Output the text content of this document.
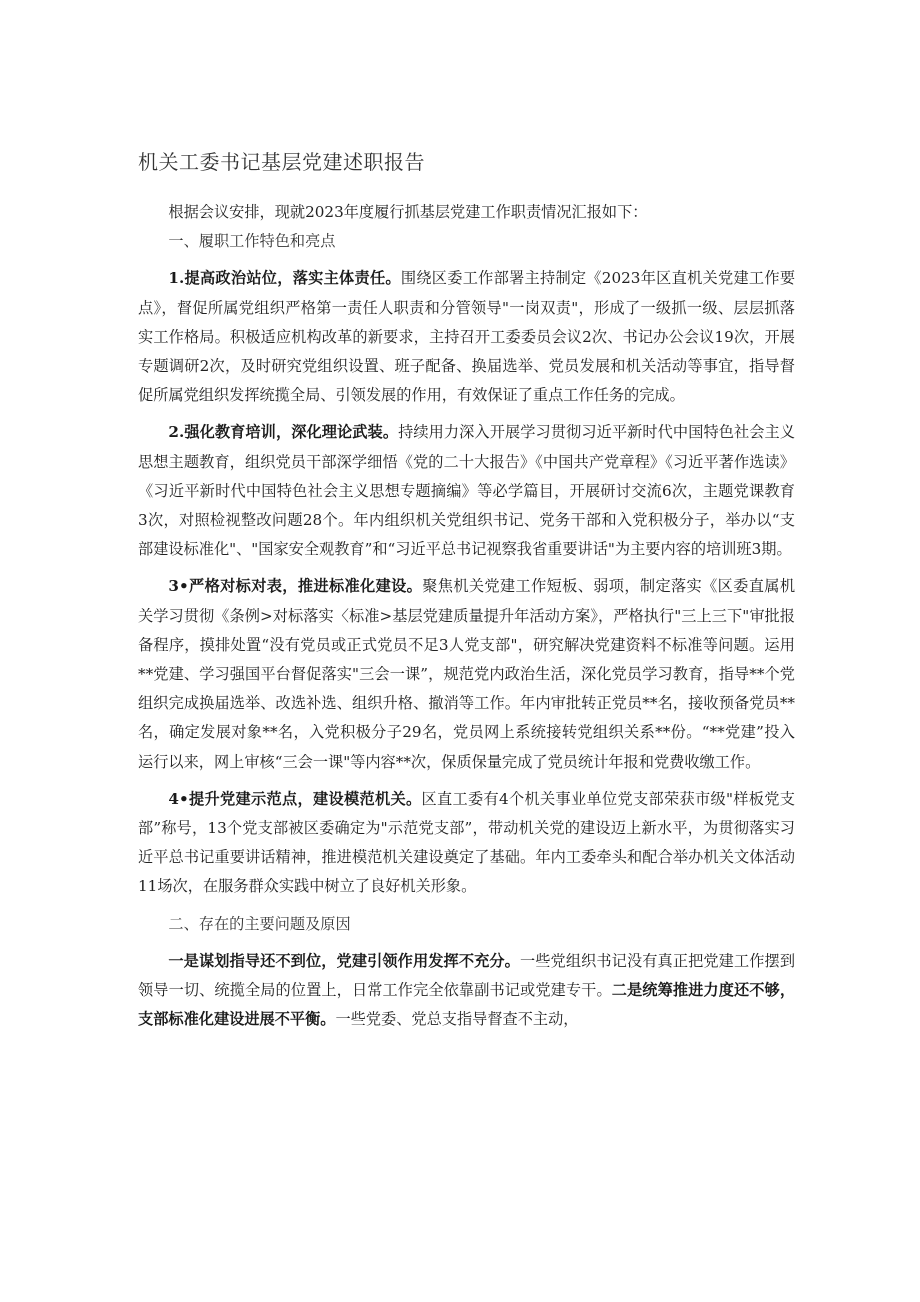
机关工委书记基层党建述职报告

根据会议安排，现就2023年度履行抓基层党建工作职责情况汇报如下：

一、履职工作特色和亮点

1.提高政治站位，落实主体责任。围绕区委工作部署主持制定《2023年区直机关党建工作要点》，督促所属党组织严格第一责任人职责和分管领导"一岗双责"，形成了一级抓一级、层层抓落实工作格局。积极适应机构改革的新要求，主持召开工委委员会议2次、书记办公会议19次，开展专题调研2次，及时研究党组织设置、班子配备、换届选举、党员发展和机关活动等事宜，指导督促所属党组织发挥统揽全局、引领发展的作用，有效保证了重点工作任务的完成。

2.强化教育培训，深化理论武装。持续用力深入开展学习贯彻习近平新时代中国特色社会主义思想主题教育，组织党员干部深学细悟《党的二十大报告》《中国共产党章程》《习近平著作选读》《习近平新时代中国特色社会主义思想专题摘编》等必学篇目，开展研讨交流6次，主题党课教育3次，对照检视整改问题28个。年内组织机关党组织书记、党务干部和入党积极分子，举办以“支部建设标准化"、"国家安全观教育”和“习近平总书记视察我省重要讲话"为主要内容的培训班3期。

3•严格对标对表，推进标准化建设。聚焦机关党建工作短板、弱项，制定落实《区委直属机关学习贯彻《条例>对标落实〈标准>基层党建质量提升年活动方案》，严格执行"三上三下"审批报备程序，摸排处置“没有党员或正式党员不足3人党支部"，研究解决党建资料不标准等问题。运用**党建、学习强国平台督促落实"三会一课”，规范党内政治生活，深化党员学习教育，指导**个党组织完成换届选举、改选补选、组织升格、撤消等工作。年内审批转正党员**名，接收预备党员**名，确定发展对象**名，入党积极分子29名，党员网上系统接转党组织关系**份。“**党建”投入运行以来，网上审核“三会一课"等内容**次，保质保量完成了党员统计年报和党费收缴工作。

4•提升党建示范点，建设模范机关。区直工委有4个机关事业单位党支部荣获市级"样板党支部”称号，13个党支部被区委确定为"示范党支部”，带动机关党的建设迈上新水平，为贯彻落实习近平总书记重要讲话精神，推进模范机关建设奠定了基础。年内工委牵头和配合举办机关文体活动11场次，在服务群众实践中树立了良好机关形象。

二、存在的主要问题及原因

一是谋划指导还不到位，党建引领作用发挥不充分。一些党组织书记没有真正把党建工作摆到领导一切、统揽全局的位置上，日常工作完全依靠副书记或党建专干。二是统筹推进力度还不够，支部标准化建设进展不平衡。一些党委、党总支指导督查不主动，
